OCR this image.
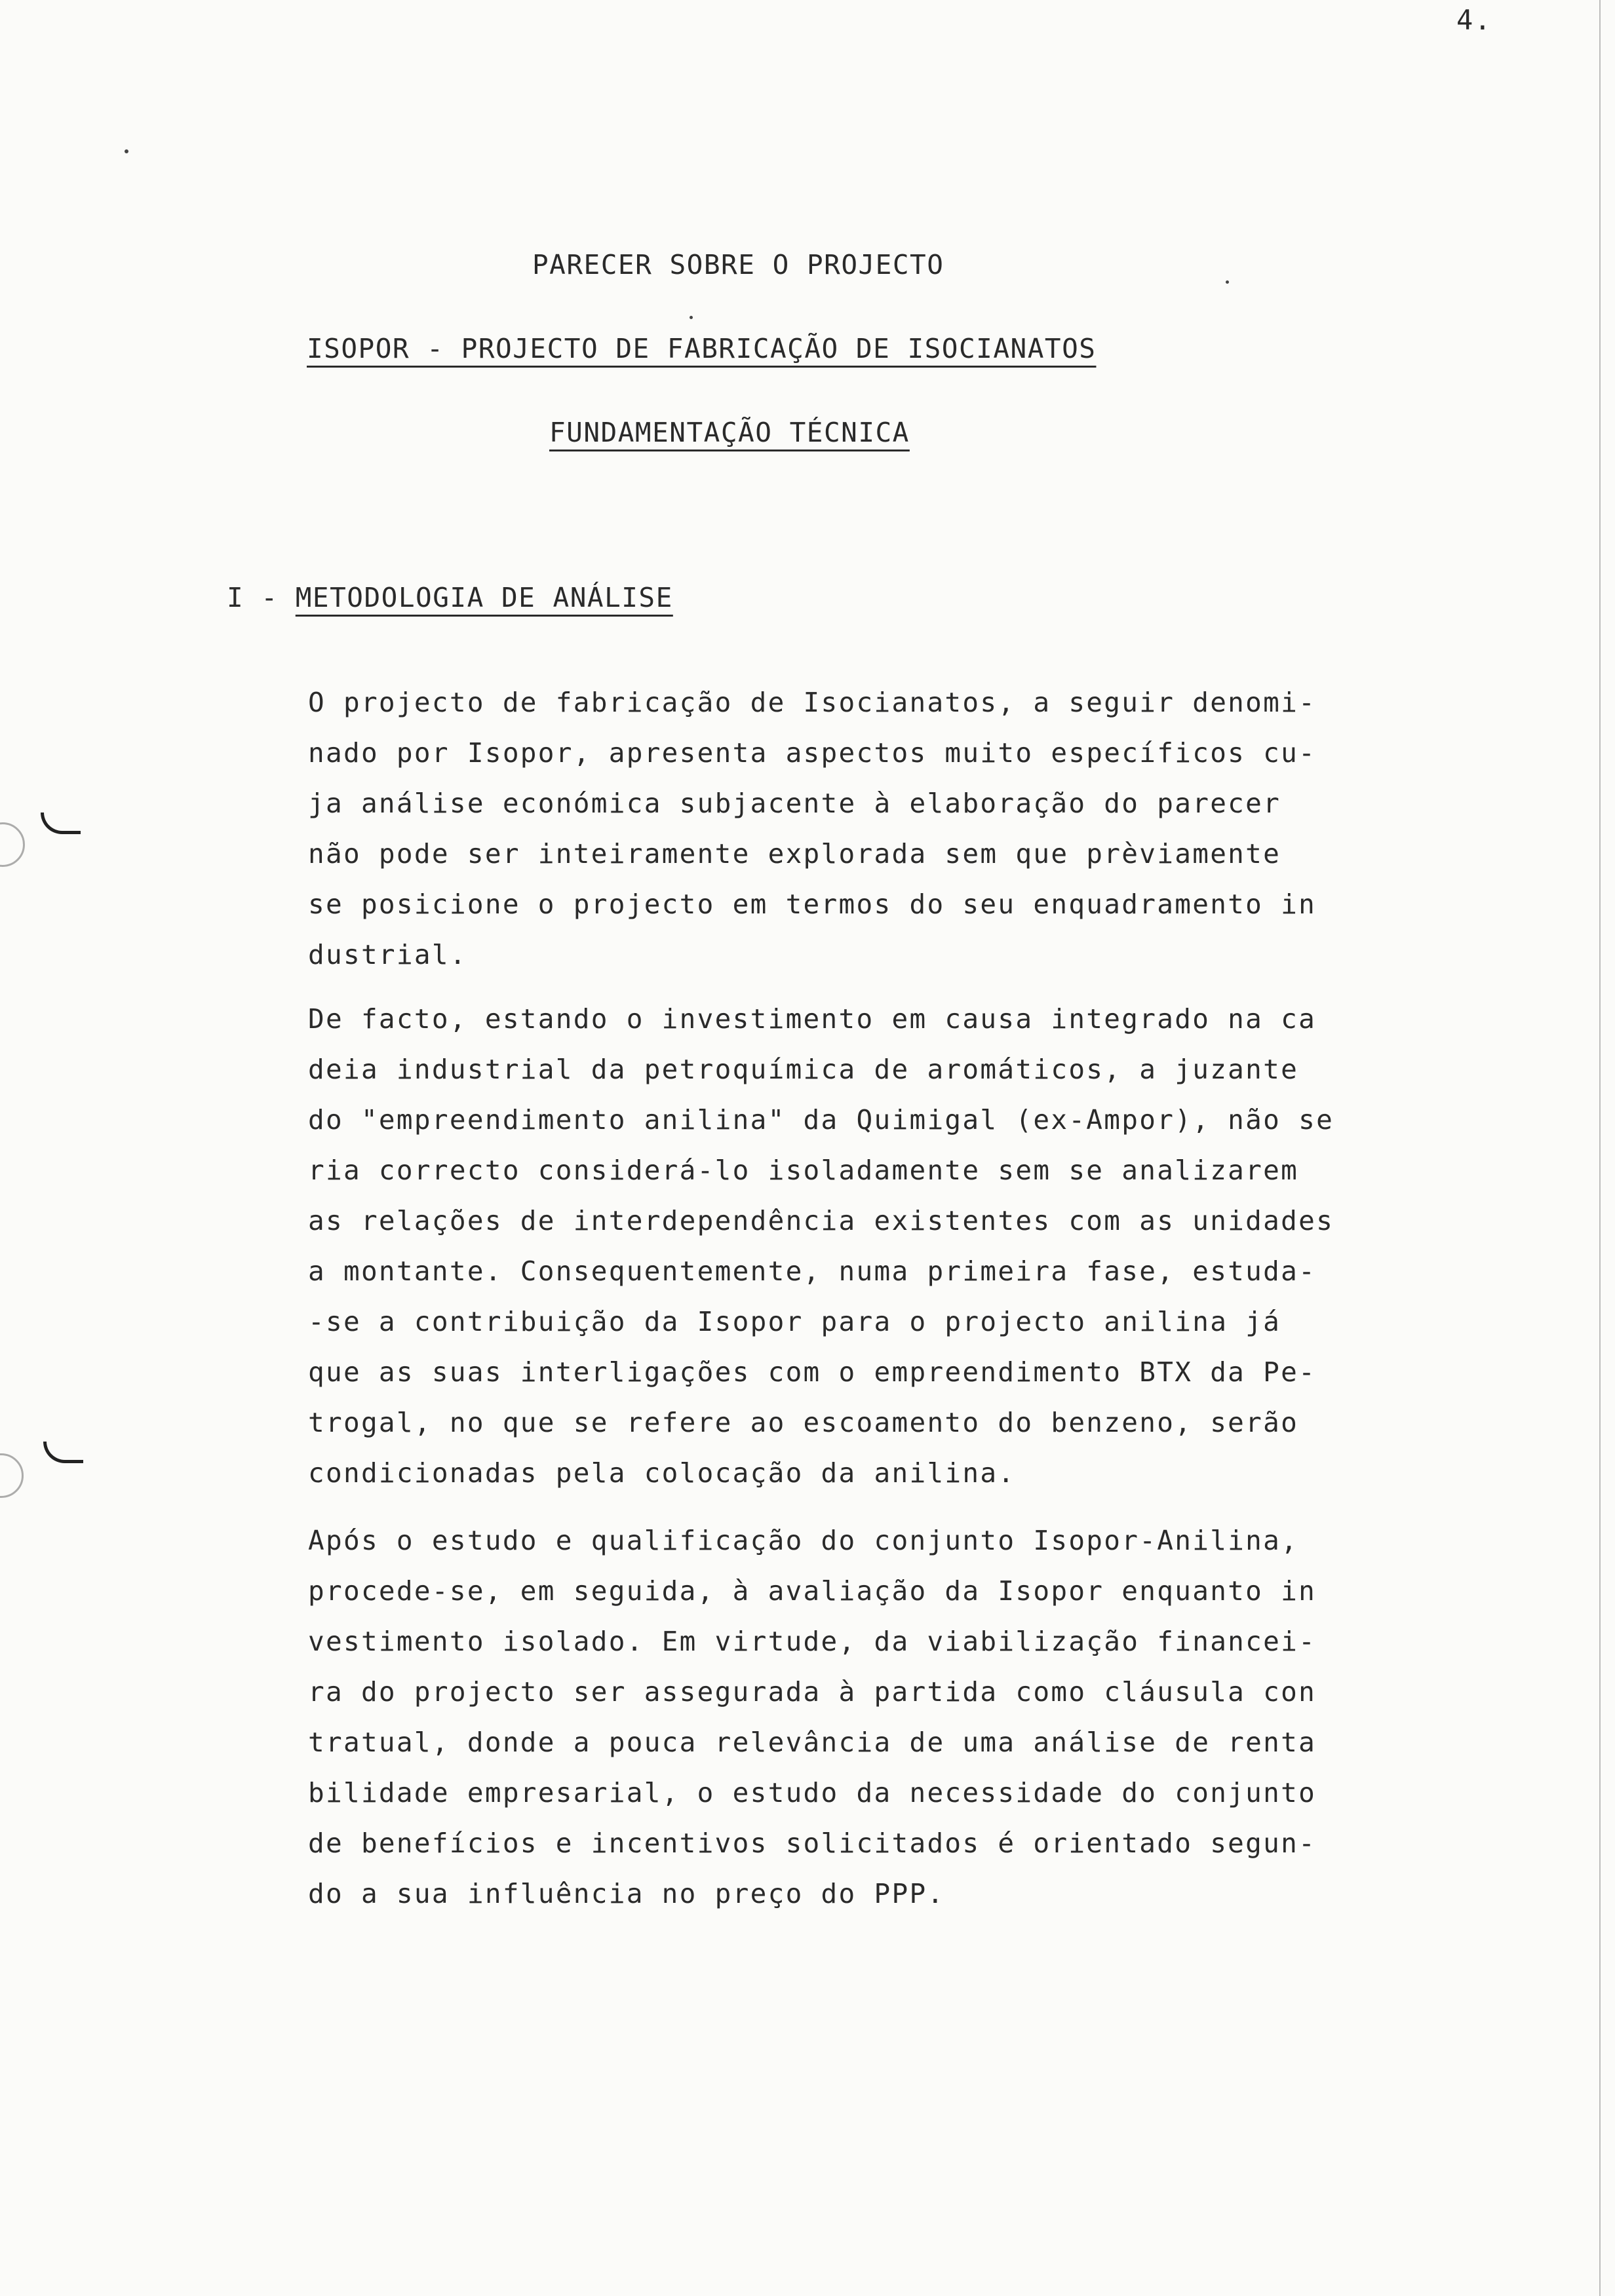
4.
PARECER SOBRE O PROJECTO
ISOPOR - PROJECTO DE FABRICAÇÃO DE ISOCIANATOS
FUNDAMENTAÇÃO TÉCNICA
I - METODOLOGIA DE ANÁLISE
O projecto de fabricação de Isocianatos, a seguir denomi-
nado por Isopor, apresenta aspectos muito específicos cu-
ja análise económica subjacente à elaboração do parecer
não pode ser inteiramente explorada sem que prèviamente
se posicione o projecto em termos do seu enquadramento in
dustrial.
De facto, estando o investimento em causa integrado na ca
deia industrial da petroquímica de aromáticos, a juzante
do "empreendimento anilina" da Quimigal (ex-Ampor), não se
ria correcto considerá-lo isoladamente sem se analizarem
as relações de interdependência existentes com as unidades
a montante. Consequentemente, numa primeira fase, estuda-
-se a contribuição da Isopor para o projecto anilina já
que as suas interligações com o empreendimento BTX da Pe-
trogal, no que se refere ao escoamento do benzeno, serão
condicionadas pela colocação da anilina.
Após o estudo e qualificação do conjunto Isopor-Anilina,
procede-se, em seguida, à avaliação da Isopor enquanto in
vestimento isolado. Em virtude, da viabilização financei-
ra do projecto ser assegurada à partida como cláusula con
tratual, donde a pouca relevância de uma análise de renta
bilidade empresarial, o estudo da necessidade do conjunto
de benefícios e incentivos solicitados é orientado segun-
do a sua influência no preço do PPP.
